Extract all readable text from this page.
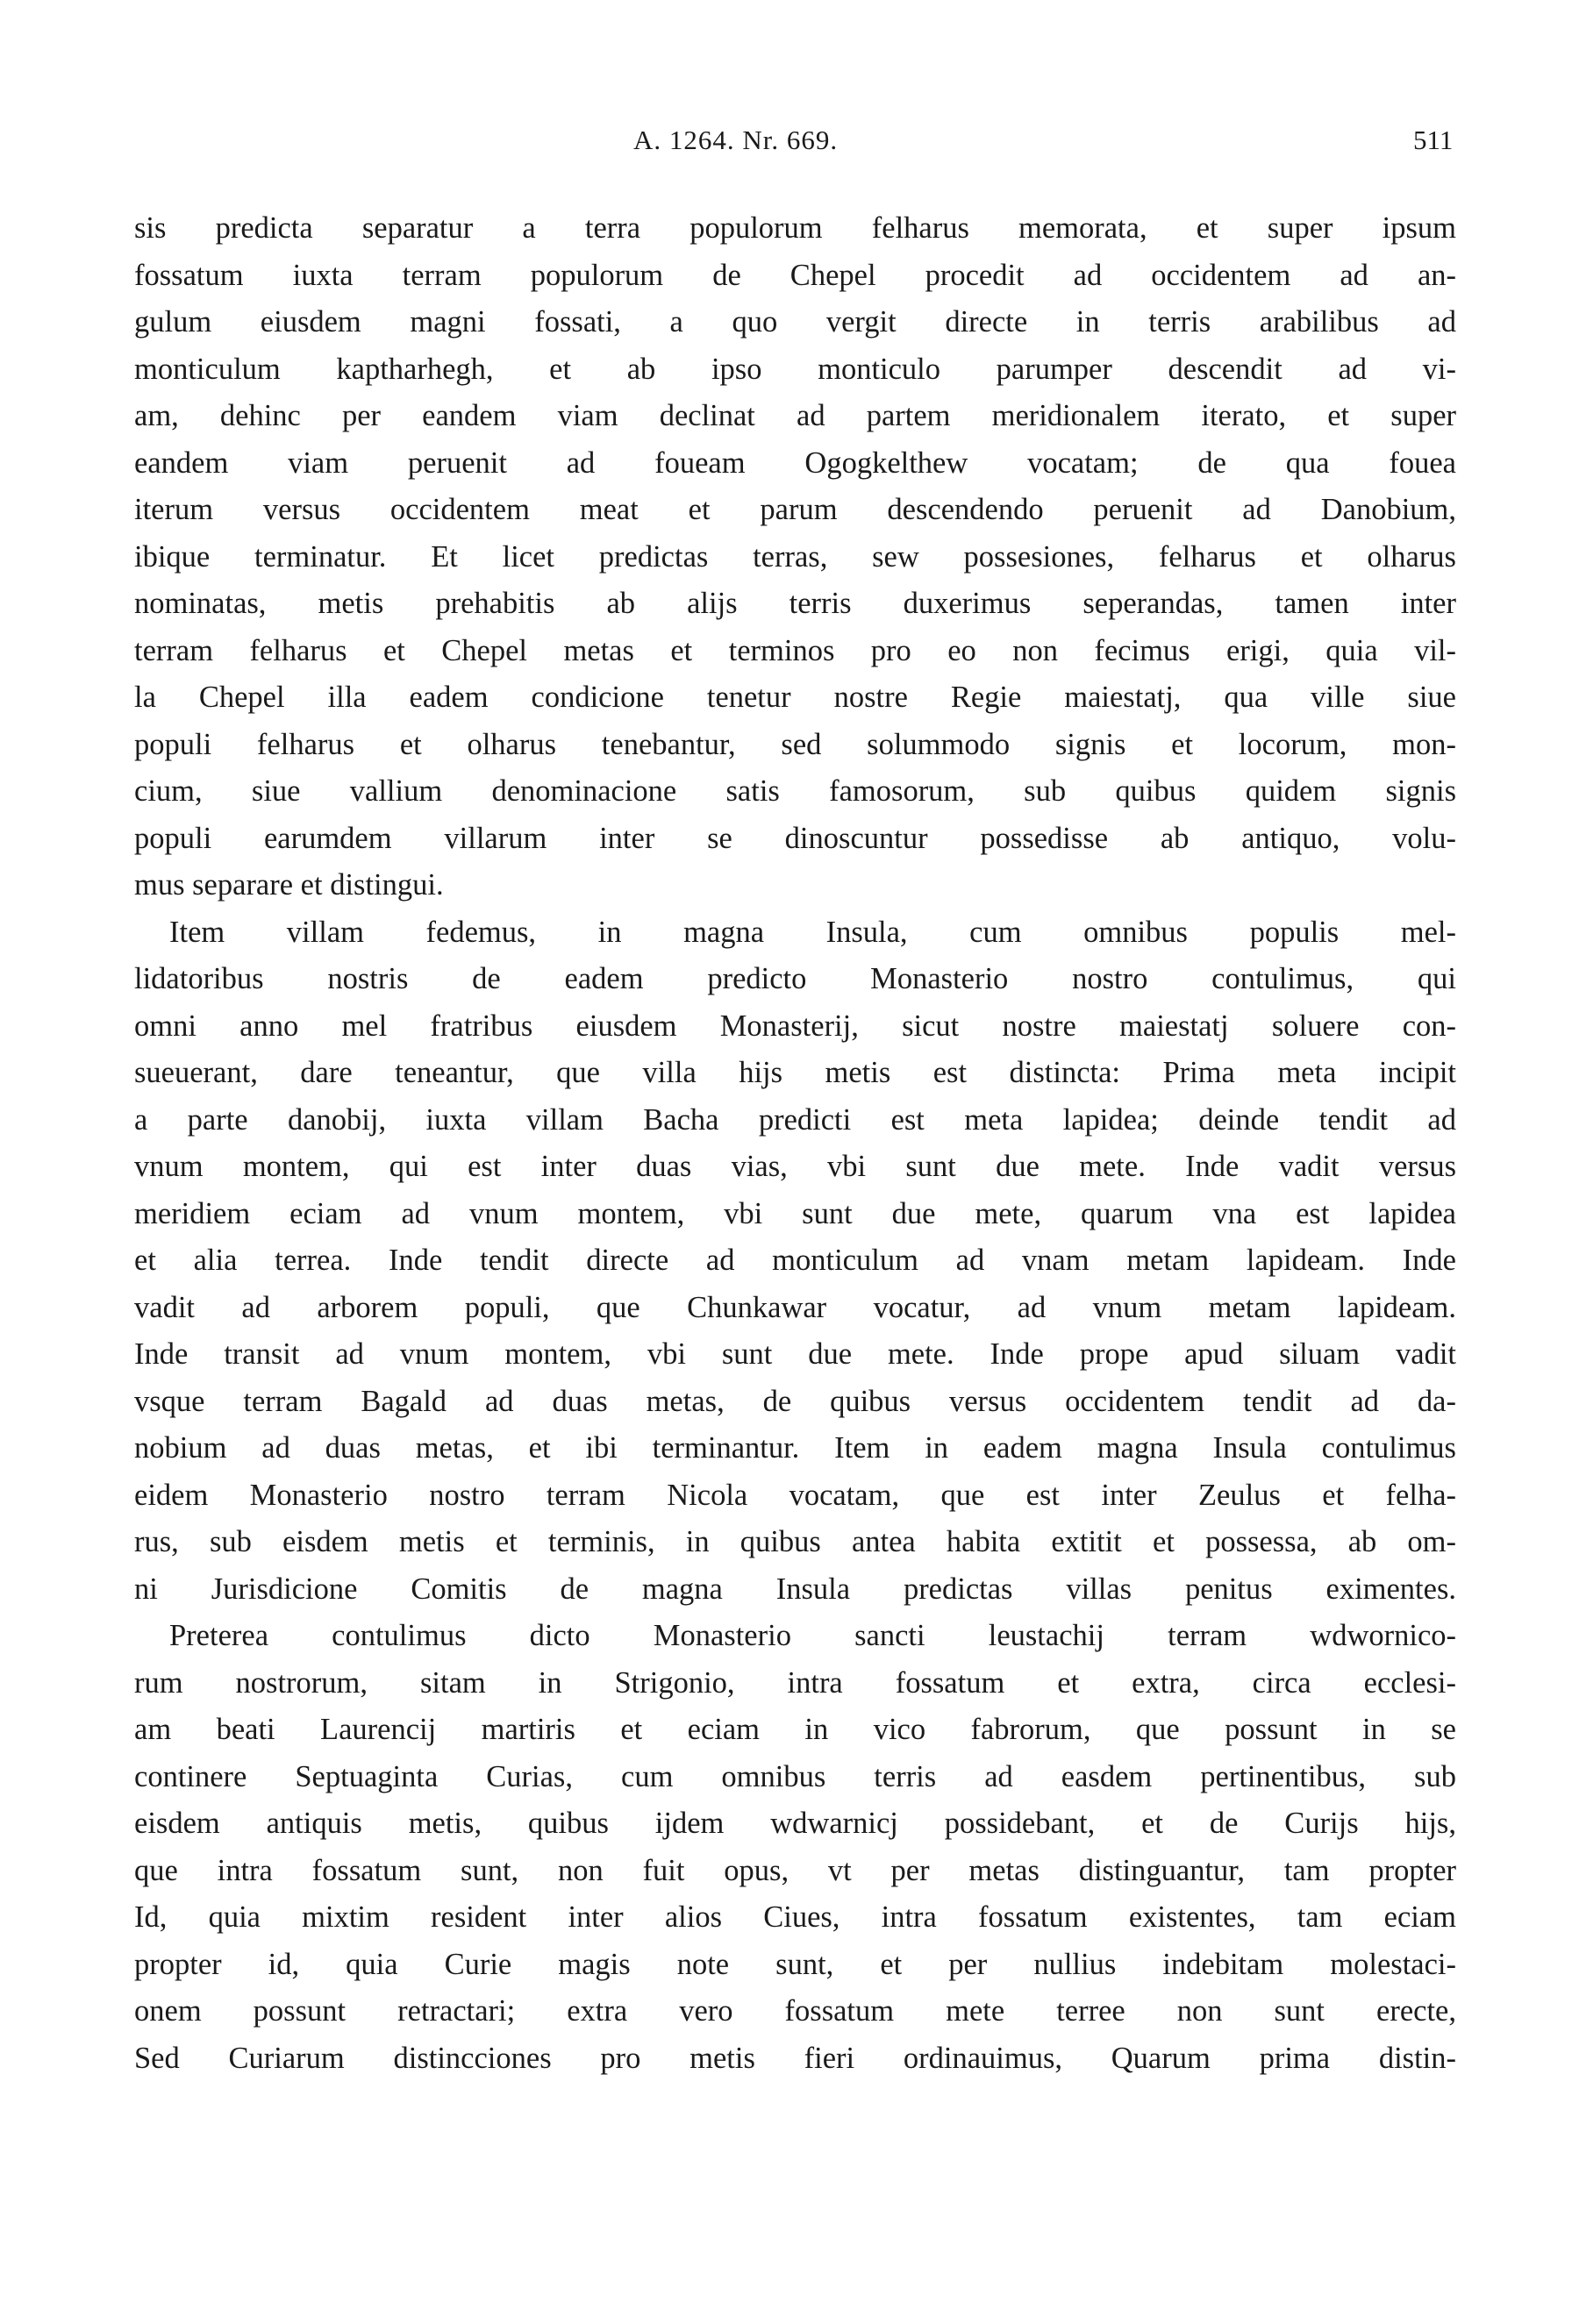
A. 1264. Nr. 669.	511
sis predicta separatur a terra populorum felharus memorata, et super ipsum
fossatum iuxta terram populorum de Chepel procedit ad occidentem ad an-
gulum eiusdem magni fossati, a quo vergit directe in terris arabilibus ad
monticulum kaptharhegh, et ab ipso monticulo parumper descendit ad vi-
am, dehinc per eandem viam declinat ad partem meridionalem iterato, et super
eandem viam peruenit ad foueam Ogogkelthew vocatam; de qua fouea
iterum versus occidentem meat et parum descendendo peruenit ad Danobium,
ibique terminatur. Et licet predictas terras, sew possesiones, felharus et olharus
nominatas, metis prehabitis ab alijs terris duxerimus seperandas, tamen inter
terram felharus et Chepel metas et terminos pro eo non fecimus erigi, quia vil-
la Chepel illa eadem condicione tenetur nostre Regie maiestatj, qua ville siue
populi felharus et olharus tenebantur, sed solummodo signis et locorum, mon-
cium, siue vallium denominacione satis famosorum, sub quibus quidem signis
populi earumdem villarum inter se dinoscuntur possedisse ab antiquo, volu-
mus separare et distingui.
Item villam fedemus, in magna Insula, cum omnibus populis mel-
lidatoribus nostris de eadem predicto Monasterio nostro contulimus, qui
omni anno mel fratribus eiusdem Monasterij, sicut nostre maiestatj soluere con-
sueuerant, dare teneantur, que villa hijs metis est distincta: Prima meta incipit
a parte danobij, iuxta villam Bacha predicti est meta lapidea; deinde tendit ad
vnum montem, qui est inter duas vias, vbi sunt due mete. Inde vadit versus
meridiem eciam ad vnum montem, vbi sunt due mete, quarum vna est lapidea
et alia terrea. Inde tendit directe ad monticulum ad vnam metam lapideam. Inde
vadit ad arborem populi, que Chunkawar vocatur, ad vnum metam lapideam.
Inde transit ad vnum montem, vbi sunt due mete. Inde prope apud siluam vadit
vsque terram Bagald ad duas metas, de quibus versus occidentem tendit ad da-
nobium ad duas metas, et ibi terminantur. Item in eadem magna Insula contulimus
eidem Monasterio nostro terram Nicola vocatam, que est inter Zeulus et felha-
rus, sub eisdem metis et terminis, in quibus antea habita extitit et possessa, ab om-
ni Jurisdicione Comitis de magna Insula predictas villas penitus eximentes.
Preterea contulimus dicto Monasterio sancti leustachij terram wdwornico-
rum nostrorum, sitam in Strigonio, intra fossatum et extra, circa ecclesi-
am beati Laurencij martiris et eciam in vico fabrorum, que possunt in se
continere Septuaginta Curias, cum omnibus terris ad easdem pertinentibus, sub
eisdem antiquis metis, quibus ijdem wdwarnicj possidebant, et de Curijs hijs,
que intra fossatum sunt, non fuit opus, vt per metas distinguantur, tam propter
Id, quia mixtim resident inter alios Ciues, intra fossatum existentes, tam eciam
propter id, quia Curie magis note sunt, et per nullius indebitam molestaci-
onem possunt retractari; extra vero fossatum mete terree non sunt erecte,
Sed Curiarum distincciones pro metis fieri ordinauimus, Quarum prima distin-
